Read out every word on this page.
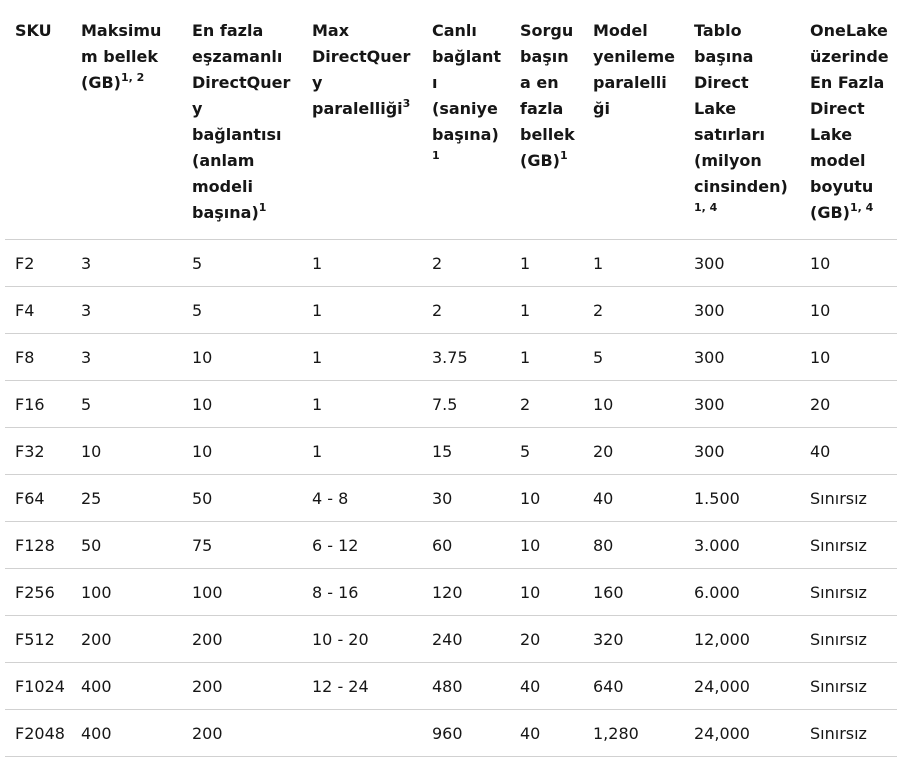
SKU	Maksimum bellek (GB)$^{1, 2}$	En fazla eşzamanlı DirectQuery bağlantısı (anlam modeli başına)$^1$	Max DirectQuery paralelliği$^3$	Canlı bağlantı (saniye başına)$^1$	Sorgu başına en fazla bellek (GB)$^1$	Model yenileme paralelliği	Tablo başına Direct Lake satırları (milyon cinsinden)$^{1, 4}$	OneLake üzerinde En Fazla Direct Lake model boyutu (GB)$^{1, 4}$
F2	3	5	1	2	1	1	300	10
F4	3	5	1	2	1	2	300	10
F8	3	10	1	3.75	1	5	300	10
F16	5	10	1	7.5	2	10	300	20
F32	10	10	1	15	5	20	300	40
F64	25	50	4 - 8	30	10	40	1.500	Sınırsız
F128	50	75	6 - 12	60	10	80	3.000	Sınırsız
F256	100	100	8 - 16	120	10	160	6.000	Sınırsız
F512	200	200	10 - 20	240	20	320	12,000	Sınırsız
F1024	400	200	12 - 24	480	40	640	24,000	Sınırsız
F2048	400	200		960	40	1,280	24,000	Sınırsız
